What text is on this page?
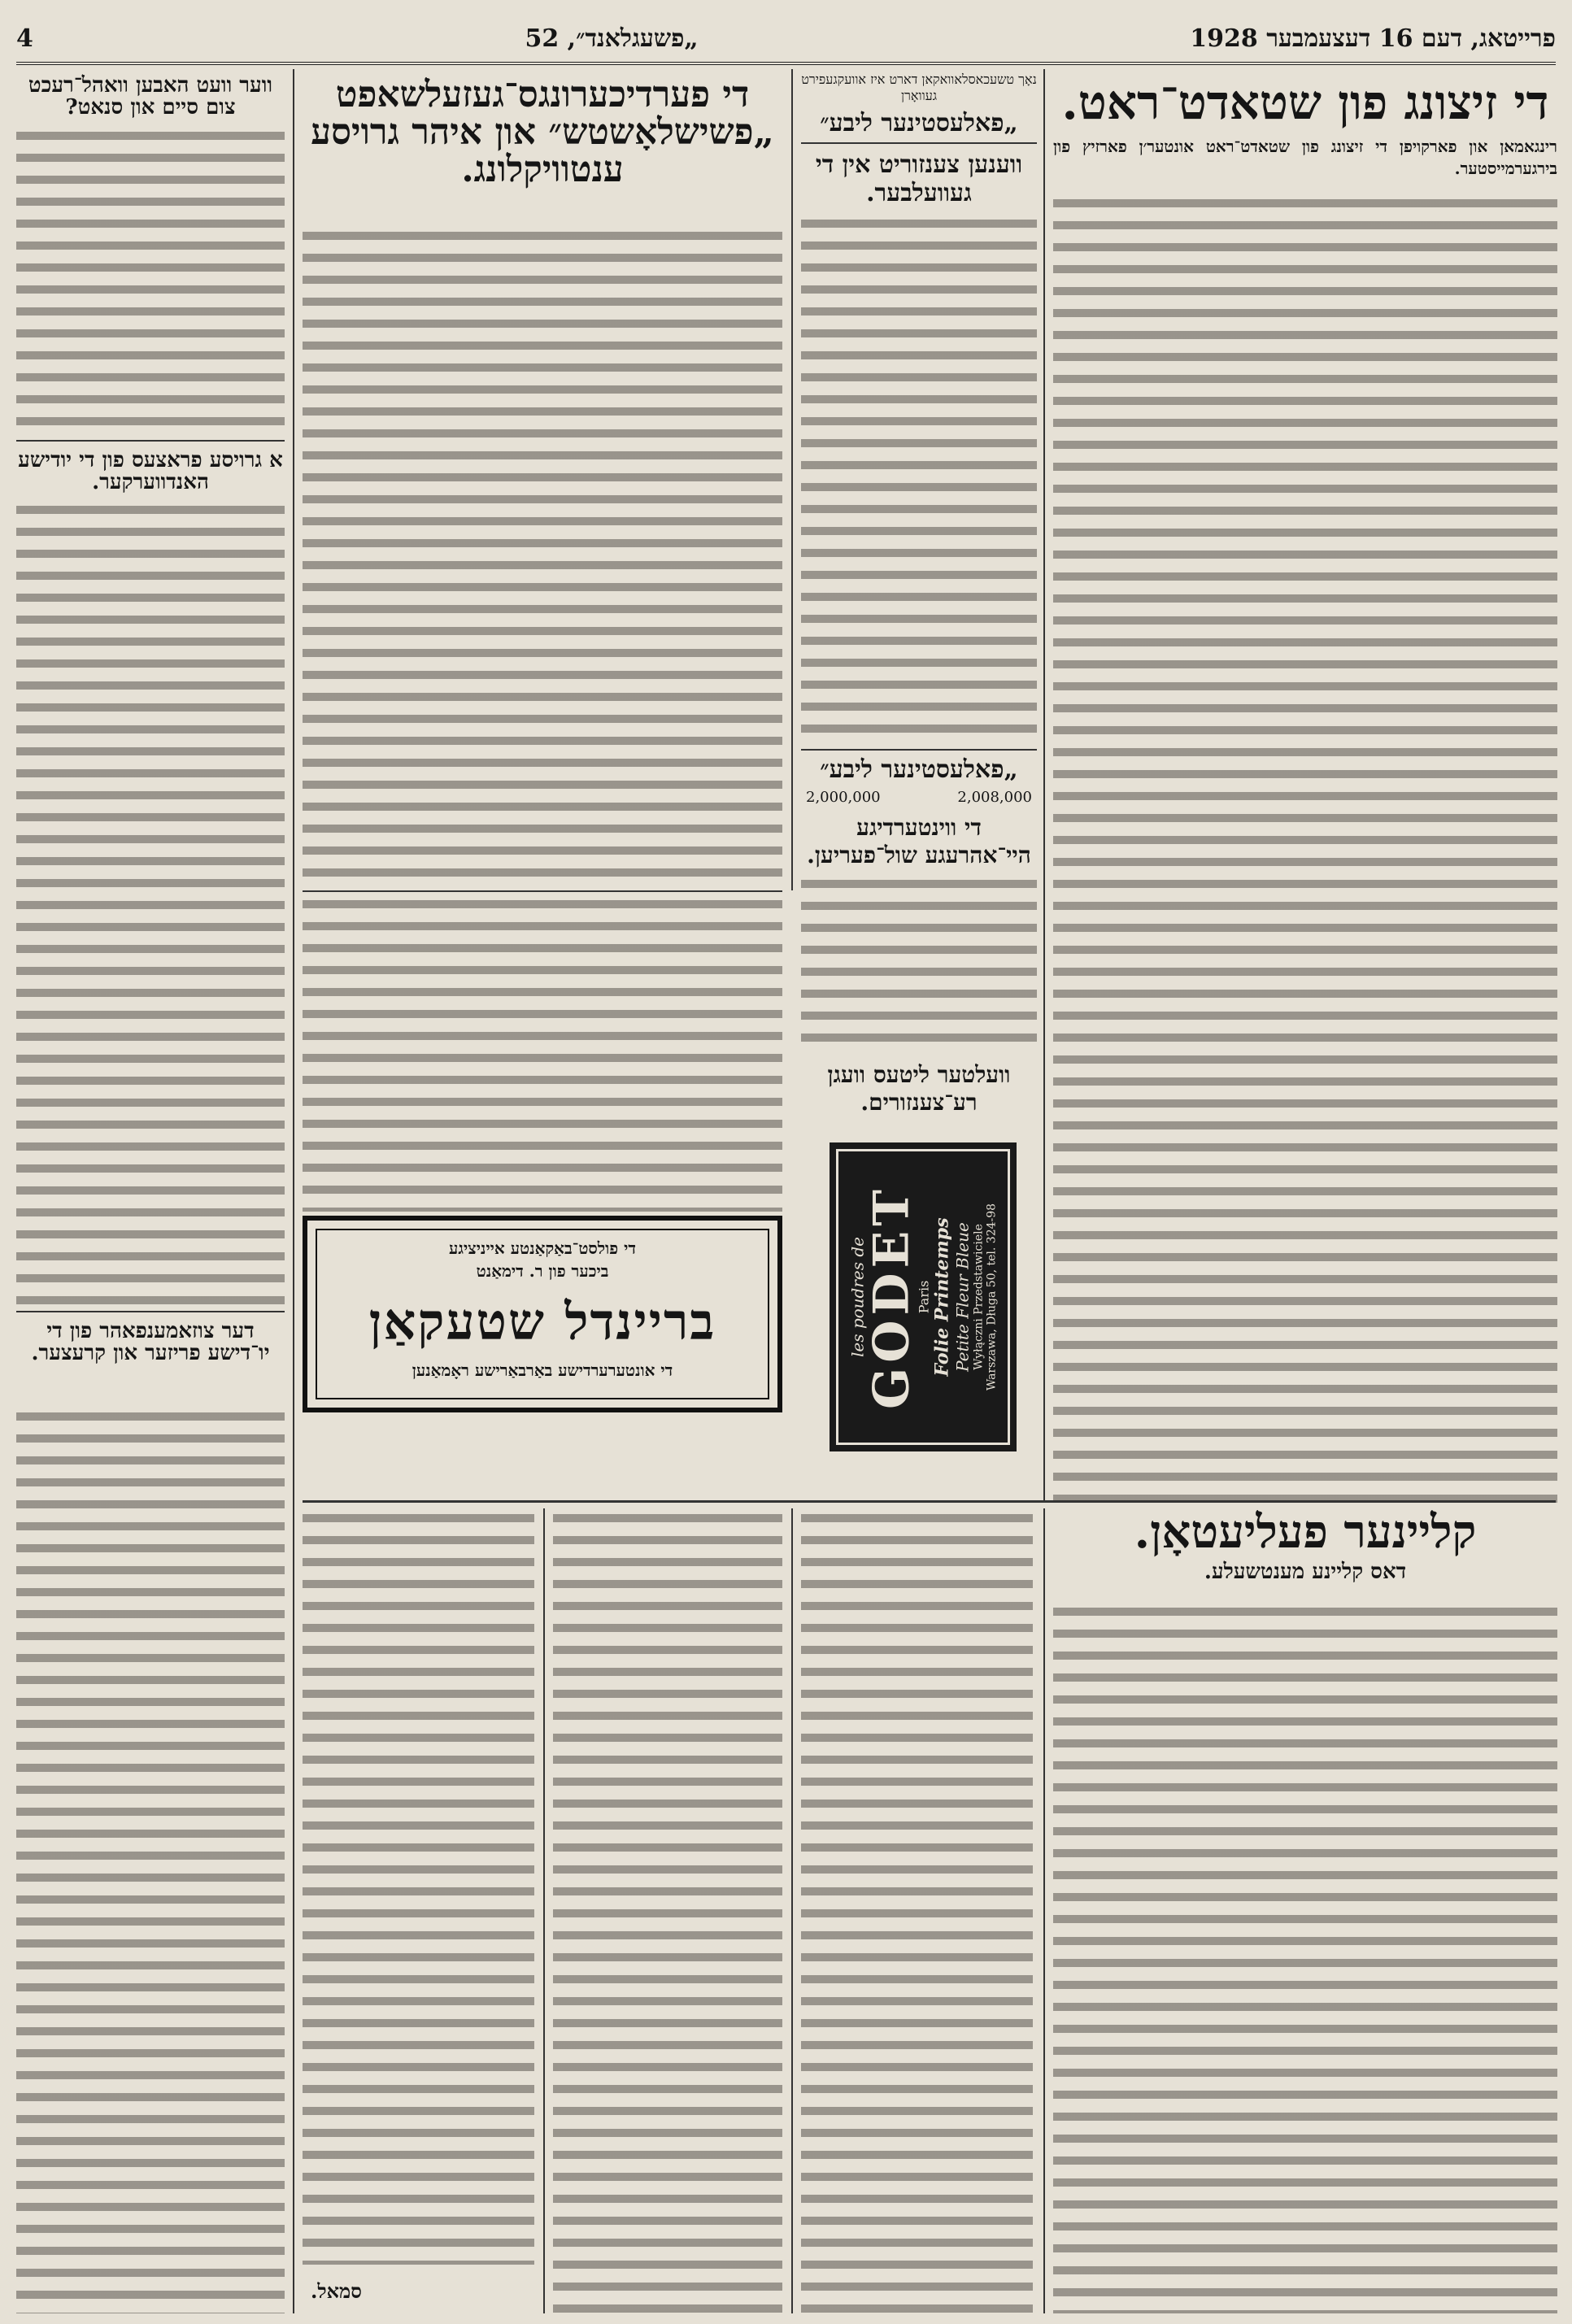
פרייטאג, דעם 16 דעצעמבער 1928
„פשעגלאנד״, 52
4
די זיצונג פון שטאדט־ראט.
רינגאמאן און פארקויפן די זיצונג פון שטאדט־ראט אונטער׳ן פארזיץ פון בירגערמייסטער.
נאָך טשעכאסלאוואקאן דארט איז אוועקגעפירט געוואָרן
„פאלעסטינער ליבע״
ווענען צענזוריט אין די געוועלבער.
„פאלעסטינער ליבע״
2,008,000
2,000,000
די ווינטערדיגע היי־אהרעגע שול־פעריען.
וועלטער ליטעס וועגן רע־צענזורים.
les poudres de
GODET
Paris Folie Printemps Petite Fleur Bleue Wyłączni Przedstawiciele Warszawa, Długa 50, tel. 324-98
די פערדיכערונגס־געזעלשאפט „פשישלאָשטש״ און איהר גרויסע ענטוויקלונג.
די פולסט־באַקאַנטע אייניציגע
ביכער פון ר. דימאַנט
בריינדל שטעקאַן
די אונטערערדישע באַרבאַרישע ראָמאַנען
ווער וועט האבען וואהל־רעכט צום סיים און סנאט?
א גרויסע פראצעס פון די יודישע האנדווערקער.
דער צוזאמענפאהר פון די יו־דישע פריזער און קרעצער.
קליינער פעליעטאָן.
דאס קליינע מענטשעלע.
סמאל.
